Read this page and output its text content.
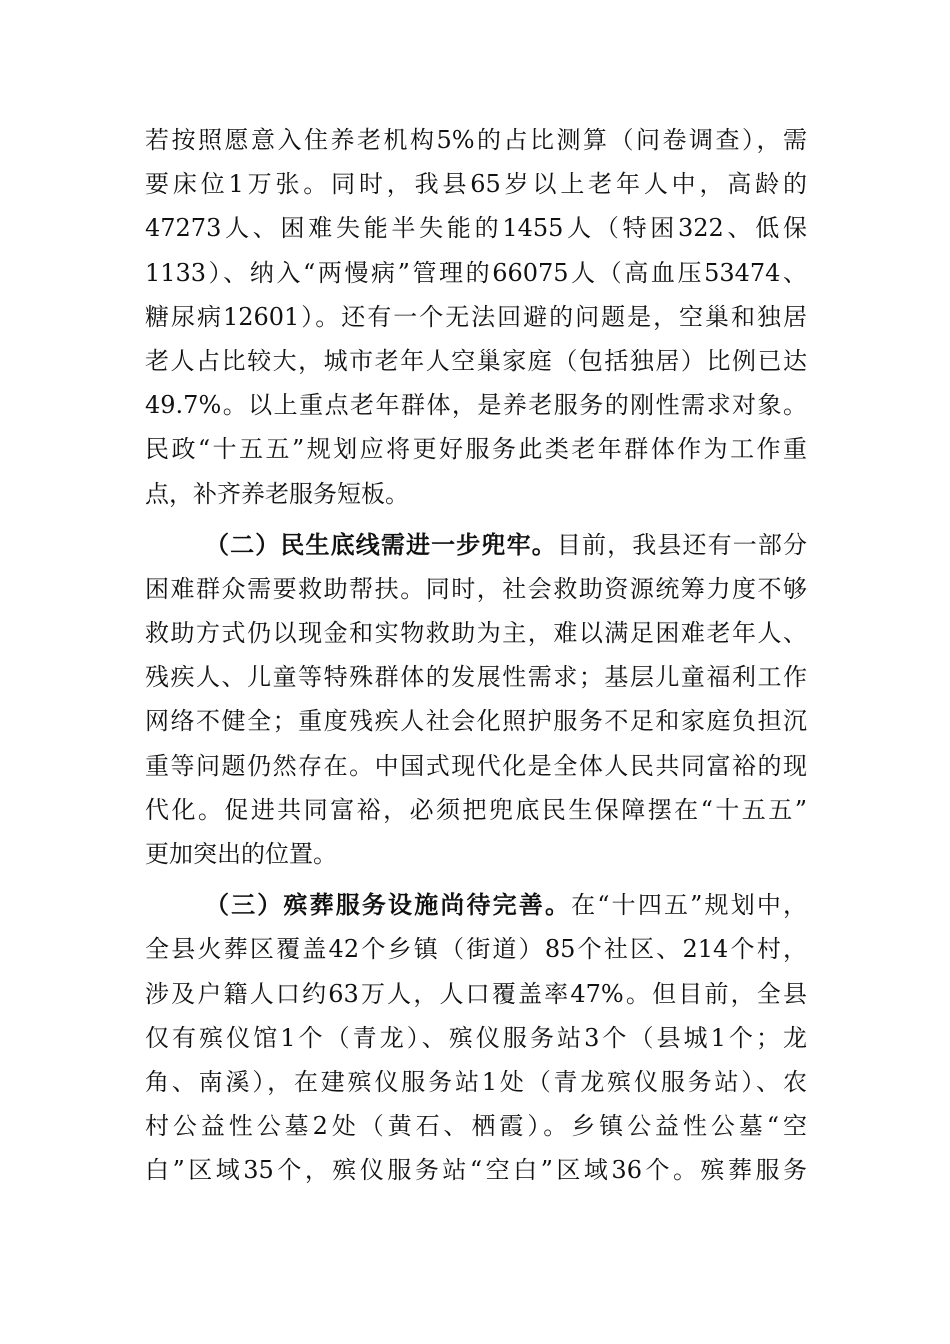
若按照愿意入住养老机构5%的占比测算（问卷调查），需
要床位1万张。同时，我县65岁以上老年人中，高龄的
47273人、困难失能半失能的1455人（特困322、低保
1133）、纳入“两慢病”管理的66075人（高血压53474、
糖尿病12601）。还有一个无法回避的问题是，空巢和独居
老人占比较大，城市老年人空巢家庭（包括独居）比例已达
49.7%。以上重点老年群体，是养老服务的刚性需求对象。
民政“十五五”规划应将更好服务此类老年群体作为工作重
点，补齐养老服务短板。
（二）民生底线需进一步兜牢。目前，我县还有一部分
困难群众需要救助帮扶。同时，社会救助资源统筹力度不够
救助方式仍以现金和实物救助为主，难以满足困难老年人、
残疾人、儿童等特殊群体的发展性需求；基层儿童福利工作
网络不健全；重度残疾人社会化照护服务不足和家庭负担沉
重等问题仍然存在。中国式现代化是全体人民共同富裕的现
代化。促进共同富裕，必须把兜底民生保障摆在“十五五”
更加突出的位置。
（三）殡葬服务设施尚待完善。在“十四五”规划中，
全县火葬区覆盖42个乡镇（街道）85个社区、214个村，
涉及户籍人口约63万人，人口覆盖率47%。但目前，全县
仅有殡仪馆1个（青龙）、殡仪服务站3个（县城1个；龙
角、南溪），在建殡仪服务站1处（青龙殡仪服务站）、农
村公益性公墓2处（黄石、栖霞）。乡镇公益性公墓“空
白”区域35个，殡仪服务站“空白”区域36个。殡葬服务
